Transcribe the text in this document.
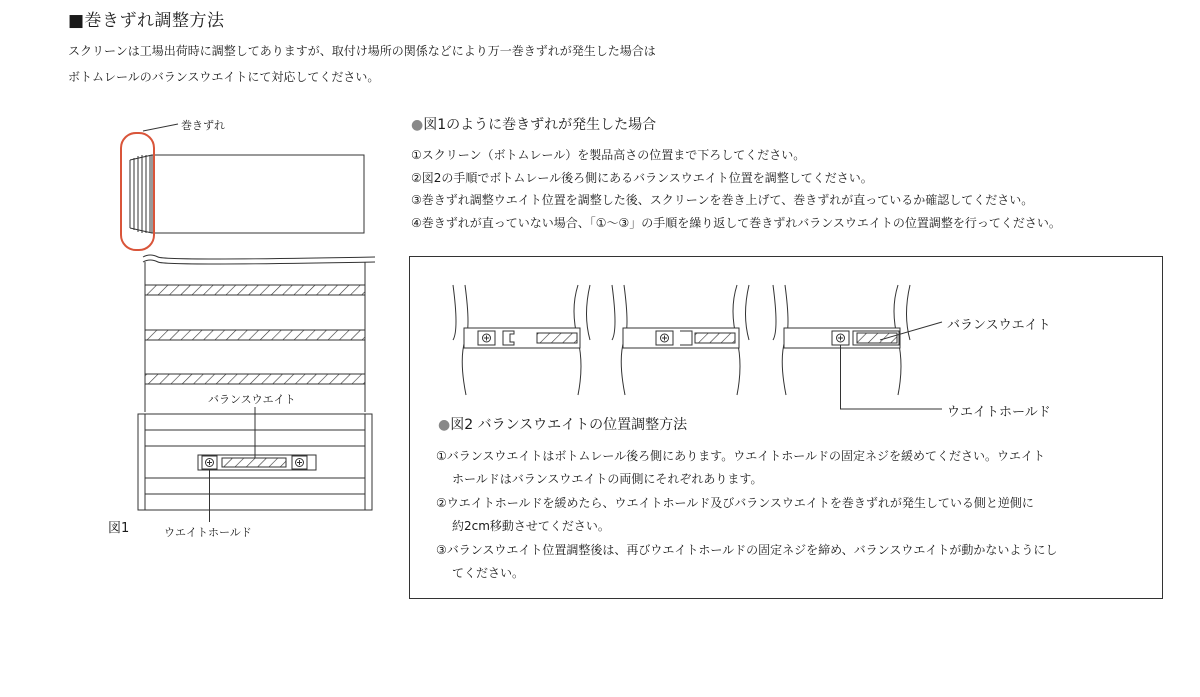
■巻きずれ調整方法
スクリーンは工場出荷時に調整してありますが、取付け場所の関係などにより万一巻きずれが発生した場合は
ボトムレールのバランスウエイトにて対応してください。
巻きずれ
バランスウエイト
ウエイトホールド
図1
●図1のように巻きずれが発生した場合
①スクリーン（ボトムレール）を製品高さの位置まで下ろしてください。
②図2の手順でボトムレール後ろ側にあるバランスウエイト位置を調整してください。
③巻きずれ調整ウエイト位置を調整した後、スクリーンを巻き上げて、巻きずれが直っているか確認してください。
④巻きずれが直っていない場合、「①～③」の手順を繰り返して巻きずれバランスウエイトの位置調整を行ってください。
バランスウエイト
ウエイトホールド
●図2 バランスウエイトの位置調整方法
①バランスウエイトはボトムレール後ろ側にあります。ウエイトホールドの固定ネジを緩めてください。ウエイト
ホールドはバランスウエイトの両側にそれぞれあります。
②ウエイトホールドを緩めたら、ウエイトホールド及びバランスウエイトを巻きずれが発生している側と逆側に
約2cm移動させてください。
③バランスウエイト位置調整後は、再びウエイトホールドの固定ネジを締め、バランスウエイトが動かないようにし
てください。
